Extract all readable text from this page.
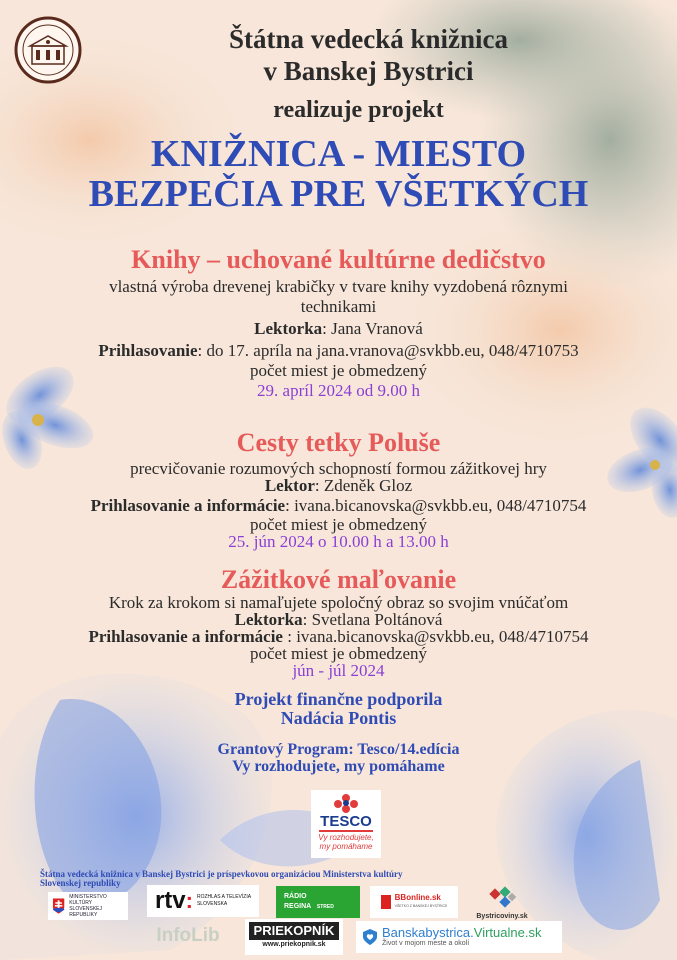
Štátna vedecká knižnica
v Banskej Bystrici
realizuje projekt
KNIŽNICA - MIESTO
BEZPEČIA PRE VŠETKÝCH
Knihy – uchované kultúrne dedičstvo
vlastná výroba drevenej krabičky v tvare knihy vyzdobená rôznymi
technikami
Lektorka: Jana Vranová
Prihlasovanie: do 17. apríla na jana.vranova@svkbb.eu, 048/4710753
počet miest je obmedzený
29. apríl 2024 od 9.00 h
Cesty tetky Poluše
precvičovanie rozumových schopností formou zážitkovej hry
Lektor: Zdeněk Gloz
Prihlasovanie a informácie: ivana.bicanovska@svkbb.eu, 048/4710754
počet miest je obmedzený
25. jún 2024 o 10.00 h a 13.00 h
Zážitkové maľovanie
Krok za krokom si namaľujete spoločný obraz so svojim vnúčaťom
Lektorka: Svetlana Poltánová
Prihlasovanie a informácie : ivana.bicanovska@svkbb.eu, 048/4710754
počet miest je obmedzený
jún - júl 2024
Projekt finančne podporila
Nadácia Pontis
Grantový Program: Tesco/14.edícia
Vy rozhodujete, my pomáhame
TESCO
Vy rozhodujete,
my pomáhame
Štátna vedecká knižnica v Banskej Bystrici je príspevkovou organizáciou Ministerstva kultúry
Slovenskej republiky
MINISTERSTVO
KULTÚRY
SLOVENSKEJ REPUBLIKY
rtv : ROZHLAS A TELEVÍZIA
SLOVENSKA
RÁDIO
REGINA STRED
BBonline.sk
VŠETKO Z BANSKEJ BYSTRICE
Bystricoviny.sk
InfoLib	PRIEKOPNÍK
www.priekopnik.sk
Banskabystrica.Virtualne.sk
Život v mojom meste a okolí
